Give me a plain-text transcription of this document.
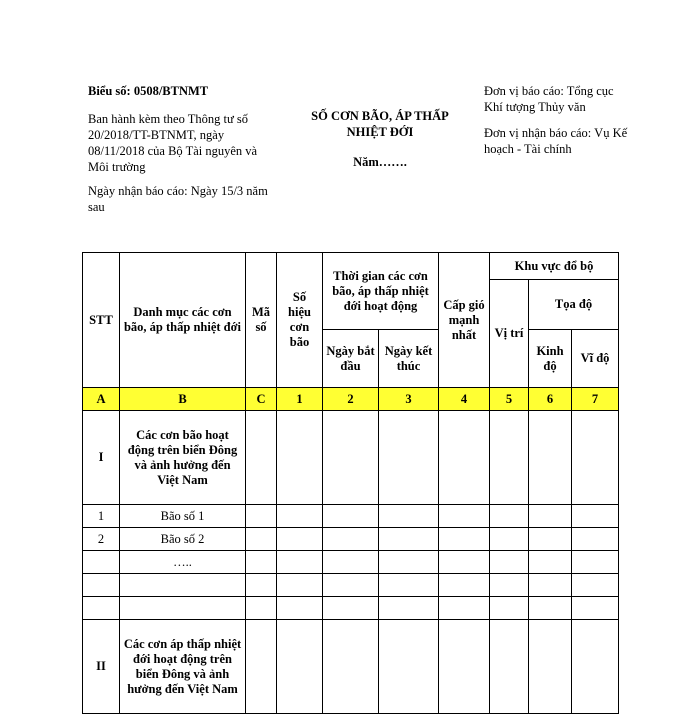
Biểu số: 0508/BTNMT

Ban hành kèm theo Thông tư số 20/2018/TT-BTNMT, ngày 08/11/2018 của Bộ Tài nguyên và Môi trường

Ngày nhận báo cáo: Ngày 15/3 năm sau

SỐ CƠN BÃO, ÁP THẤP NHIỆT ĐỚI
Năm…….

Đơn vị báo cáo: Tổng cục Khí tượng Thủy văn

Đơn vị nhận báo cáo: Vụ Kế hoạch - Tài chính

STT	Danh mục các cơn bão, áp thấp nhiệt đới	Mã số	Số hiệu cơn bão	Thời gian các cơn bão, áp thấp nhiệt đới hoạt động		Cấp gió mạnh nhất	Khu vực đổ bộ		
							Vị trí	Tọa độ	
				Ngày bắt đầu	Ngày kết thúc			Kinh độ	Vĩ độ
A	B	C	1	2	3	4	5	6	7
I	Các cơn bão hoạt động trên biển Đông và ảnh hưởng đến Việt Nam								
1	Bão số 1								
2	Bão số 2								
	…..								

II	Các cơn áp thấp nhiệt đới hoạt động trên biển Đông và ảnh hưởng đến Việt Nam								
